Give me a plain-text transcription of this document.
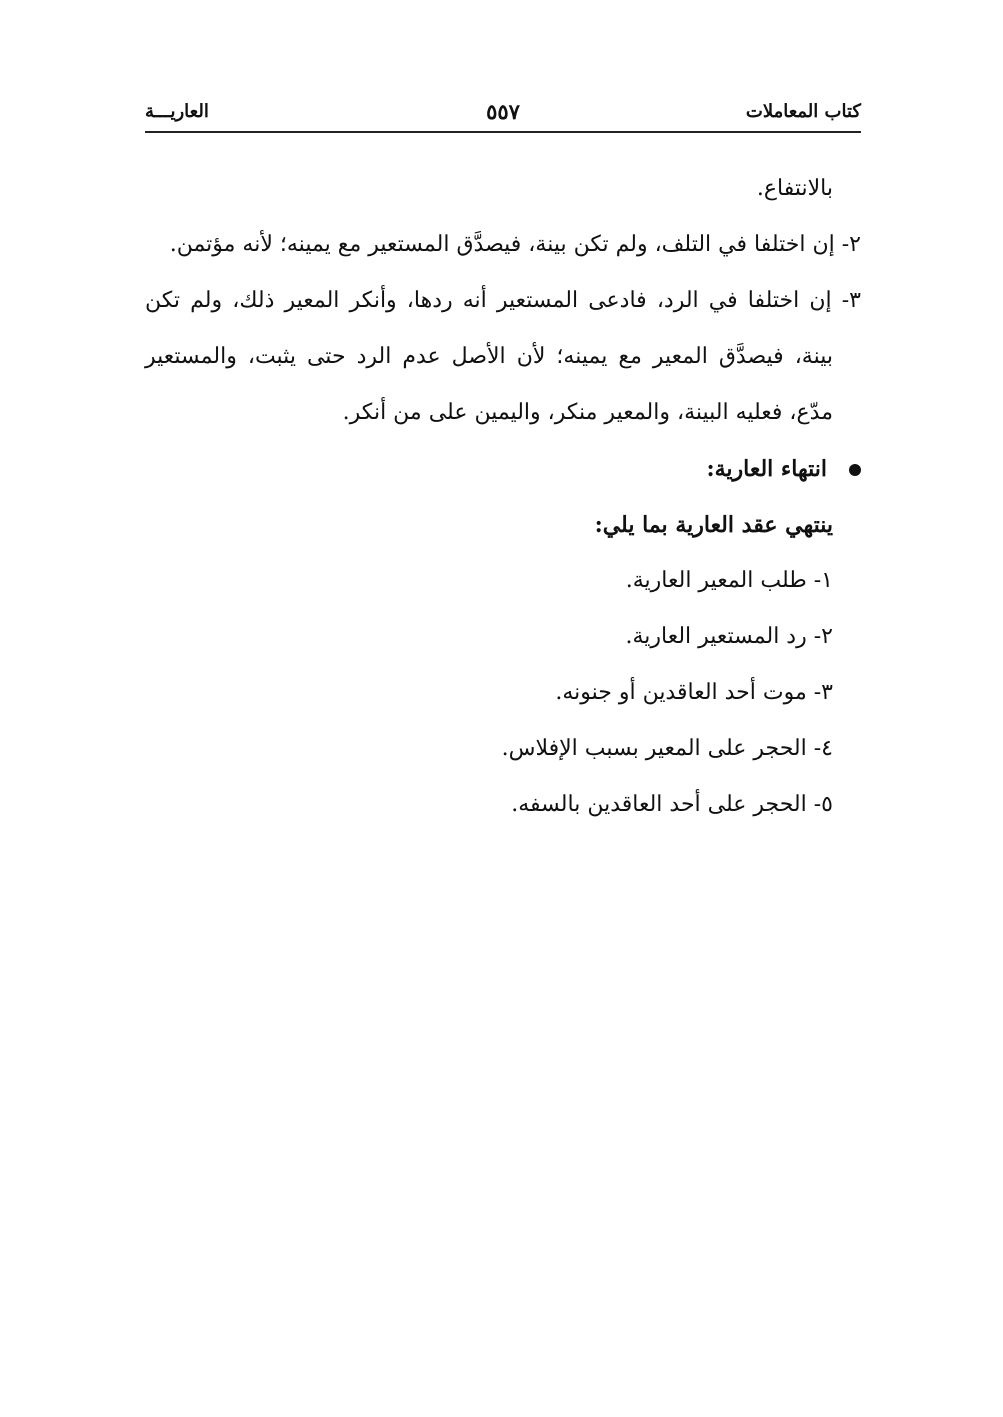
كتاب المعاملات
٥٥٧
العاريـــة

بالانتفاع.

٢- إن اختلفا في التلف، ولم تكن بينة، فيصدَّق المستعير مع يمينه؛ لأنه مؤتمن.

٣- إن اختلفا في الرد، فادعى المستعير أنه ردها، وأنكر المعير ذلك، ولم تكن بينة، فيصدَّق المعير مع يمينه؛ لأن الأصل عدم الرد حتى يثبت، والمستعير مدّع، فعليه البينة، والمعير منكر، واليمين على من أنكر.

انتهاء العارية:

ينتهي عقد العارية بما يلي:

١- طلب المعير العارية.

٢- رد المستعير العارية.

٣- موت أحد العاقدين أو جنونه.

٤- الحجر على المعير بسبب الإفلاس.

٥- الحجر على أحد العاقدين بالسفه.
